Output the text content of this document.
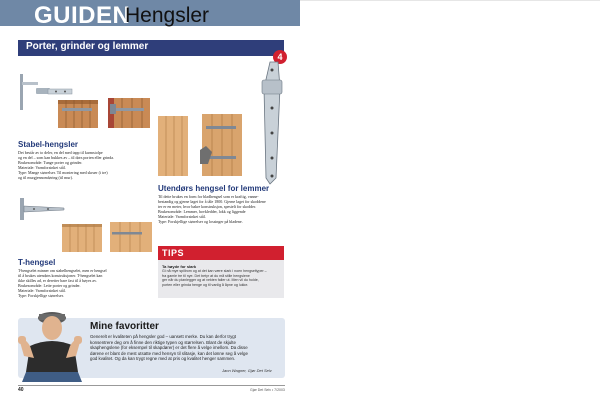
GUIDEN
Hengsler
Porter, grinder og lemmer
4
Stabel-hengsler
Det består av to deler, en del med tapp til karmstolpe
og en del – som kan bukkes av – til dørs porten eller grinda.
Brukesområde: Tunge porter og grinder.
Materiale: Varmforsinket stål.
Type: Mange størrelser. Til montering med skruer (i tre)
og til murgjennomføring (til mur).
Utendørs hengsel for lemmer
Til dette brukes en form for bladhengsel som er kraftig, vanne-
bestandig og gjerne laget for å tåle 1800. Gjerne laget for skoddene
ter er en meter, hvor bakre konstruksjon, spesielt for skodder.
Brukesområde: Lemmer, hovkledder, lokk og liggende
Materiale: Varmforsinket stål.
Type: Forskjellige størrelser og lossinger på bladene.
T-hengsel
T-hengselet minner om stabelhengselet, men er hengsel
til å brukes utendørs konstruksjoner. T-hengselet kan
ikke skilles ad, er deretter bare fast til å bøyes av.
Brukesområde: Lette porter og grinder.
Materiale: Varmforsinket stål.
Type: Forskjellige størrelser.
TIPS
Ta høyde for slark
Gi nå mye spillrom og at det kan være slark i noen hengseltyper –
fra gamle tre til nye. Det betyr at du må stille hengslene
ger når du planlegger og at vekten faller ut. Men vil du holde,
porten eller grinda henge og til vanlig å åpne og lukke.
Mine favoritter
Generelt er kvaliteten på hengsler god – uansett merke. Du kan derfor trygt
konsentrere deg om å finne den riktige typen og størrelsen. Blant de skjulte
skaphengslene (for eksempel til skapdører) er det flere å velge imellom. Da disse
dørene er blant de mest utsatte med hensyn til slitasje, kan det lønne seg å velge
god kvalitet. Og da kan trygt regne med at pris og kvalitet henger sammen.
Jann Wagner, Gjør Det Selv
40	Gjør Det Selv • 7/2003
